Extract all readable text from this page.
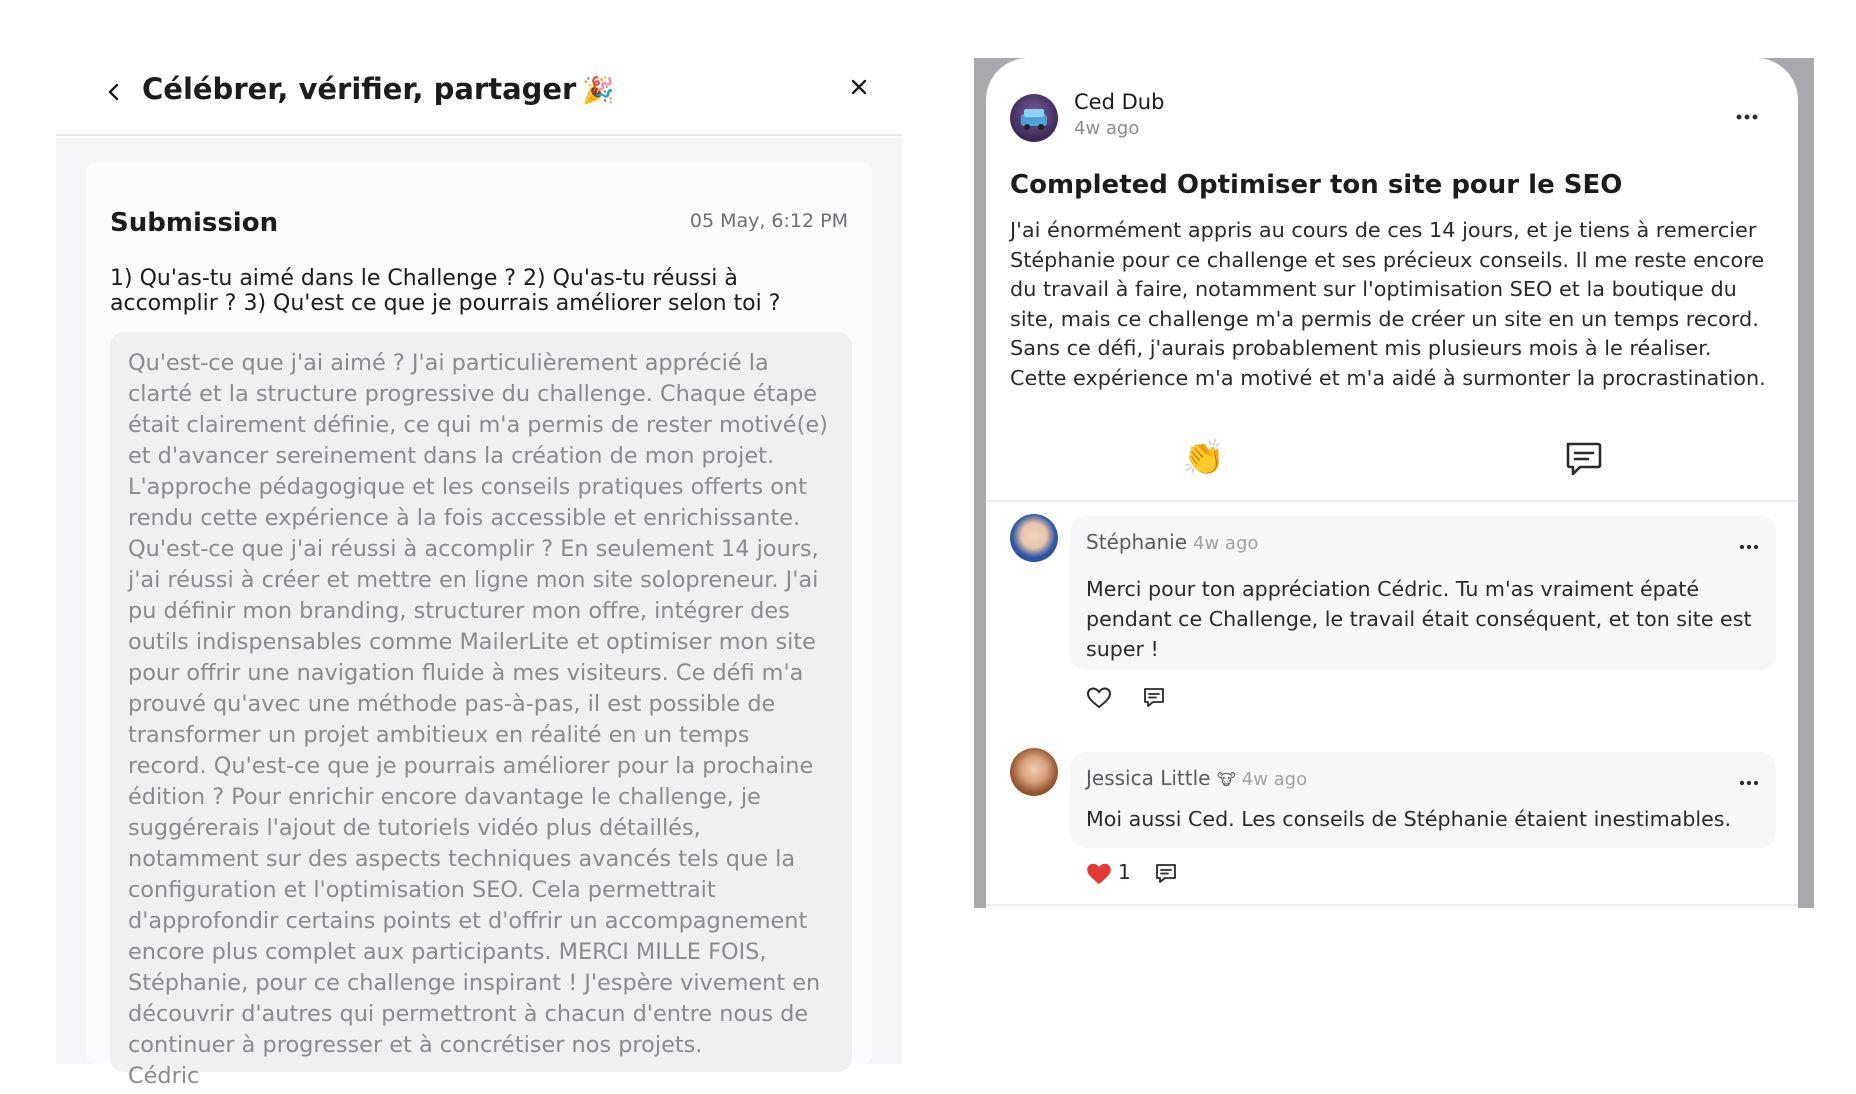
Célébrer, vérifier, partager 🎉
Submission	05 May, 6:12 PM
1) Qu'as-tu aimé dans le Challenge ? 2) Qu'as-tu réussi à accomplir ? 3) Qu'est ce que je pourrais améliorer selon toi ?
Qu'est-ce que j'ai aimé ? J'ai particulièrement apprécié la clarté et la structure progressive du challenge. Chaque étape était clairement définie, ce qui m'a permis de rester motivé(e) et d'avancer sereinement dans la création de mon projet. L'approche pédagogique et les conseils pratiques offerts ont rendu cette expérience à la fois accessible et enrichissante. Qu'est-ce que j'ai réussi à accomplir ? En seulement 14 jours, j'ai réussi à créer et mettre en ligne mon site solopreneur. J'ai pu définir mon branding, structurer mon offre, intégrer des outils indispensables comme MailerLite et optimiser mon site pour offrir une navigation fluide à mes visiteurs. Ce défi m'a prouvé qu'avec une méthode pas-à-pas, il est possible de transformer un projet ambitieux en réalité en un temps record. Qu'est-ce que je pourrais améliorer pour la prochaine édition ? Pour enrichir encore davantage le challenge, je suggérerais l'ajout de tutoriels vidéo plus détaillés, notamment sur des aspects techniques avancés tels que la configuration et l'optimisation SEO. Cela permettrait d'approfondir certains points et d'offrir un accompagnement encore plus complet aux participants. MERCI MILLE FOIS, Stéphanie, pour ce challenge inspirant ! J'espère vivement en découvrir d'autres qui permettront à chacun d'entre nous de continuer à progresser et à concrétiser nos projets.
Cédric
Ced Dub
4w ago
Completed Optimiser ton site pour le SEO
J'ai énormément appris au cours de ces 14 jours, et je tiens à remercier Stéphanie pour ce challenge et ses précieux conseils. Il me reste encore du travail à faire, notamment sur l'optimisation SEO et la boutique du site, mais ce challenge m'a permis de créer un site en un temps record. Sans ce défi, j'aurais probablement mis plusieurs mois à le réaliser. Cette expérience m'a motivé et m'a aidé à surmonter la procrastination.
👏
Stéphanie 4w ago
Merci pour ton appréciation Cédric. Tu m'as vraiment épaté pendant ce Challenge, le travail était conséquent, et ton site est super !
Jessica Little 🐮 4w ago
Moi aussi Ced. Les conseils de Stéphanie étaient inestimables.
1
